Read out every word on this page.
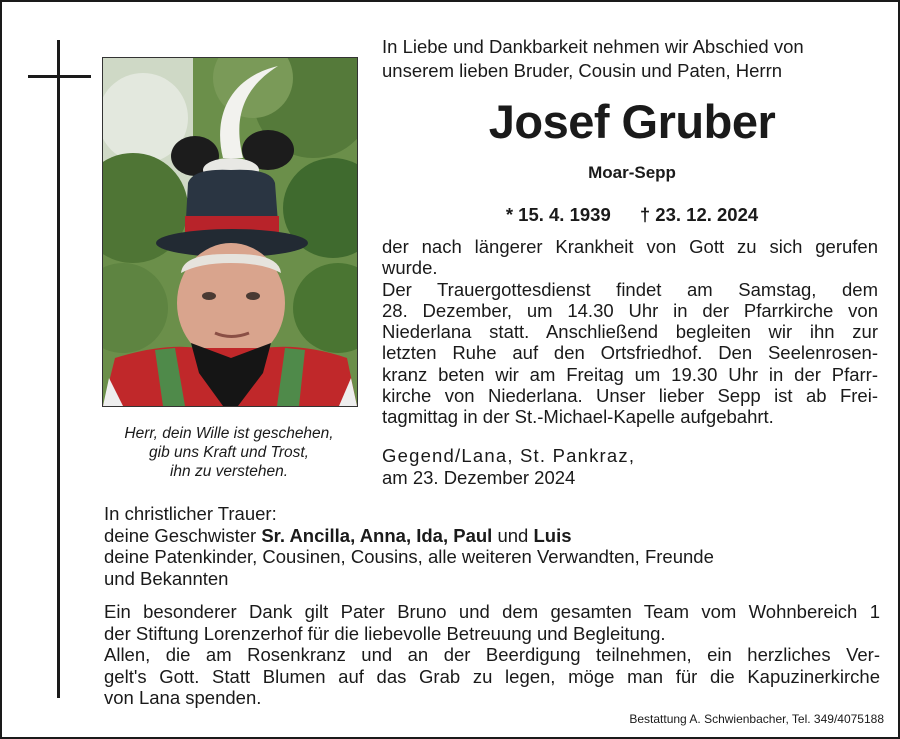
Herr, dein Wille ist geschehen,
gib uns Kraft und Trost,
ihn zu verstehen.
In Liebe und Dankbarkeit nehmen wir Abschied von
unserem lieben Bruder, Cousin und Paten, Herrn
Josef Gruber
Moar-Sepp
* 15. 4. 1939 † 23. 12. 2024
der nach längerer Krankheit von Gott zu sich gerufen
wurde.
Der Trauergottesdienst findet am Samstag, dem
28. Dezember, um 14.30 Uhr in der Pfarrkirche von
Niederlana statt. Anschließend begleiten wir ihn zur
letzten Ruhe auf den Ortsfriedhof. Den Seelenrosen-
kranz beten wir am Freitag um 19.30 Uhr in der Pfarr-
kirche von Niederlana. Unser lieber Sepp ist ab Frei-
tagmittag in der St.-Michael-Kapelle aufgebahrt.
Gegend/Lana, St. Pankraz,
am 23. Dezember 2024
In christlicher Trauer:
deine Geschwister Sr. Ancilla, Anna, Ida, Paul und Luis
deine Patenkinder, Cousinen, Cousins, alle weiteren Verwandten, Freunde
und Bekannten
Ein besonderer Dank gilt Pater Bruno und dem gesamten Team vom Wohnbereich 1
der Stiftung Lorenzerhof für die liebevolle Betreuung und Begleitung.
Allen, die am Rosenkranz und an der Beerdigung teilnehmen, ein herzliches Ver-
gelt's Gott. Statt Blumen auf das Grab zu legen, möge man für die Kapuzinerkirche
von Lana spenden.
Bestattung A. Schwienbacher, Tel. 349/4075188
